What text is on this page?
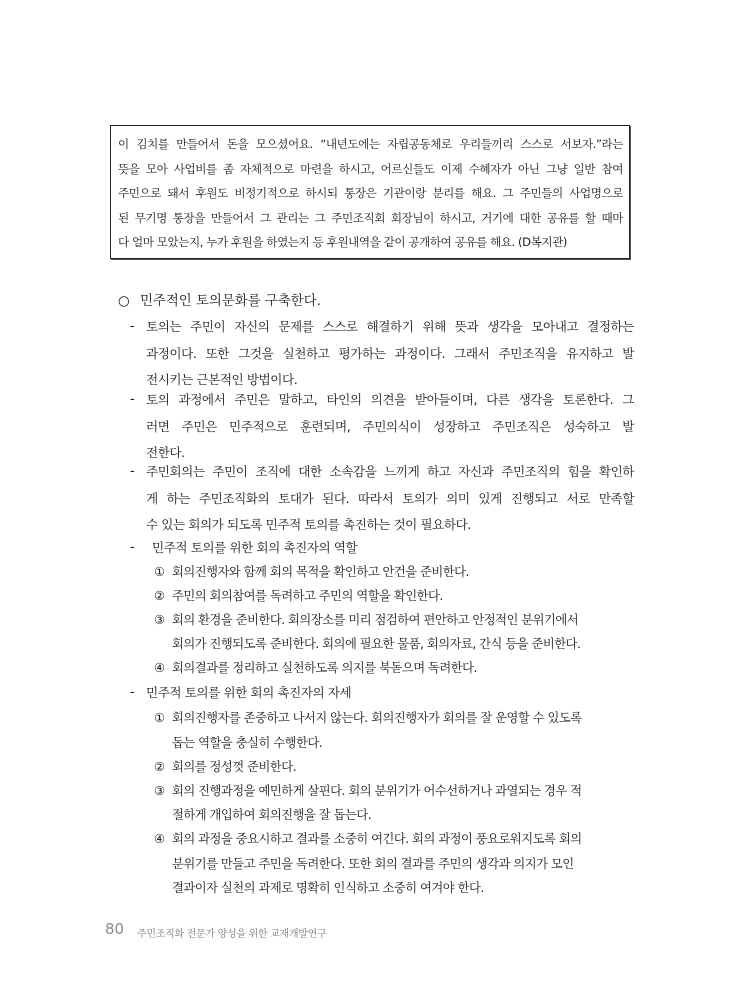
이 김치를 만들어서 돈을 모으셨어요. “내년도에는 자립공동체로 우리들끼리 스스로 서보자.”라는
뜻을 모아 사업비를 좀 자체적으로 마련을 하시고, 어르신들도 이제 수혜자가 아닌 그냥 일반 참여
주민으로 돼서 후원도 비정기적으로 하시되 통장은 기관이랑 분리를 해요. 그 주민들의 사업명으로
된 무기명 통장을 만들어서 그 관리는 그 주민조직회 회장님이 하시고, 거기에 대한 공유를 할 때마
다 얼마 모았는지, 누가 후원을 하였는지 등 후원내역을 같이 공개하여 공유를 해요. (D복지관)
○ 민주적인 토의문화를 구축한다.
- 토의는 주민이 자신의 문제를 스스로 해결하기 위해 뜻과 생각을 모아내고 결정하는
과정이다. 또한 그것을 실천하고 평가하는 과정이다. 그래서 주민조직을 유지하고 발
전시키는 근본적인 방법이다.
- 토의 과정에서 주민은 말하고, 타인의 의견을 받아들이며, 다른 생각을 토론한다. 그
러면 주민은 민주적으로 훈련되며, 주민의식이 성장하고 주민조직은 성숙하고 발
전한다.
- 주민회의는 주민이 조직에 대한 소속감을 느끼게 하고 자신과 주민조직의 힘을 확인하
게 하는 주민조직화의 토대가 된다. 따라서 토의가 의미 있게 진행되고 서로 만족할
수 있는 회의가 되도록 민주적 토의를 촉진하는 것이 필요하다.
- 민주적 토의를 위한 회의 촉진자의 역할
① 회의진행자와 함께 회의 목적을 확인하고 안건을 준비한다.
② 주민의 회의참여를 독려하고 주민의 역할을 확인한다.
③ 회의 환경을 준비한다. 회의장소를 미리 점검하여 편안하고 안정적인 분위기에서
회의가 진행되도록 준비한다. 회의에 필요한 물품, 회의자료, 간식 등을 준비한다.
④ 회의결과를 정리하고 실천하도록 의지를 북돋으며 독려한다.
- 민주적 토의를 위한 회의 촉진자의 자세
① 회의진행자를 존중하고 나서지 않는다. 회의진행자가 회의를 잘 운영할 수 있도록
돕는 역할을 충실히 수행한다.
② 회의를 정성껏 준비한다.
③ 회의 진행과정을 예민하게 살핀다. 회의 분위기가 어수선하거나 과열되는 경우 적
절하게 개입하여 회의진행을 잘 돕는다.
④ 회의 과정을 중요시하고 결과를 소중히 여긴다. 회의 과정이 풍요로워지도록 회의
분위기를 만들고 주민을 독려한다. 또한 회의 결과를 주민의 생각과 의지가 모인
결과이자 실천의 과제로 명확히 인식하고 소중히 여겨야 한다.
80 주민조직화 전문가 양성을 위한 교재개발연구
